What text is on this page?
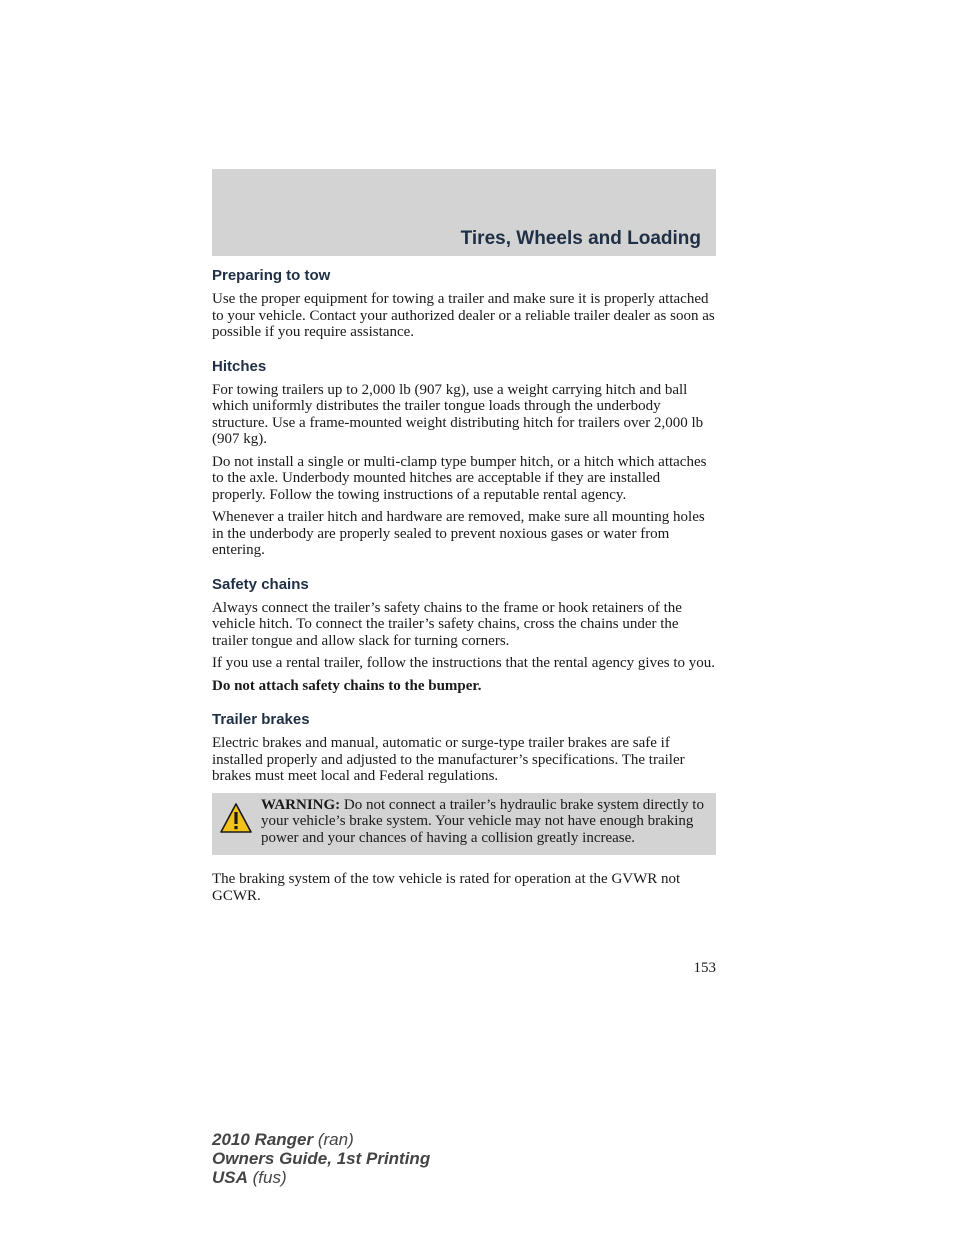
Tires, Wheels and Loading
Preparing to tow

Use the proper equipment for towing a trailer and make sure it is properly attached to your vehicle. Contact your authorized dealer or a reliable trailer dealer as soon as possible if you require assistance.

Hitches

For towing trailers up to 2,000 lb (907 kg), use a weight carrying hitch and ball which uniformly distributes the trailer tongue loads through the underbody structure. Use a frame-mounted weight distributing hitch for trailers over 2,000 lb (907 kg).

Do not install a single or multi-clamp type bumper hitch, or a hitch which attaches to the axle. Underbody mounted hitches are acceptable if they are installed properly. Follow the towing instructions of a reputable rental agency.

Whenever a trailer hitch and hardware are removed, make sure all mounting holes in the underbody are properly sealed to prevent noxious gases or water from entering.

Safety chains

Always connect the trailer’s safety chains to the frame or hook retainers of the vehicle hitch. To connect the trailer’s safety chains, cross the chains under the trailer tongue and allow slack for turning corners.

If you use a rental trailer, follow the instructions that the rental agency gives to you.

Do not attach safety chains to the bumper.

Trailer brakes

Electric brakes and manual, automatic or surge-type trailer brakes are safe if installed properly and adjusted to the manufacturer’s specifications. The trailer brakes must meet local and Federal regulations.

WARNING: Do not connect a trailer’s hydraulic brake system directly to your vehicle’s brake system. Your vehicle may not have enough braking power and your chances of having a collision greatly increase.

The braking system of the tow vehicle is rated for operation at the GVWR not GCWR.

153
2010 Ranger (ran)
Owners Guide, 1st Printing
USA (fus)
